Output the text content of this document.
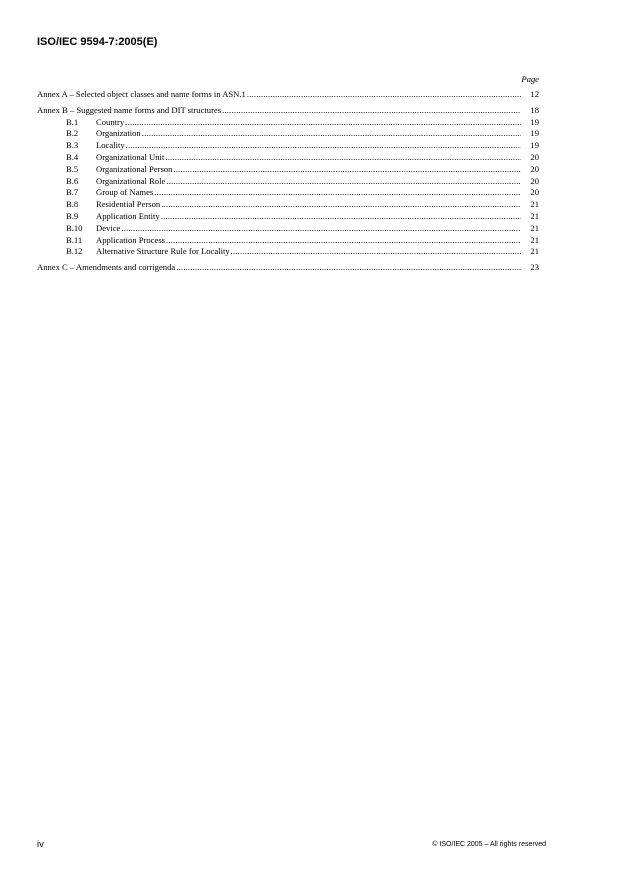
ISO/IEC 9594-7:2005(E)
Page
Annex A – Selected object classes and name forms in ASN.1 .....	12
Annex B – Suggested name forms and DIT structures .....	18
B.1	Country .....	19
B.2	Organization .....	19
B.3	Locality .....	19
B.4	Organizational Unit .....	20
B.5	Organizational Person .....	20
B.6	Organizational Role .....	20
B.7	Group of Names .....	20
B.8	Residential Person .....	21
B.9	Application Entity .....	21
B.10	Device .....	21
B.11	Application Process .....	21
B.12	Alternative Structure Rule for Locality .....	21
Annex C – Amendments and corrigenda .....	23
iv	© ISO/IEC 2005 – All rights reserved
